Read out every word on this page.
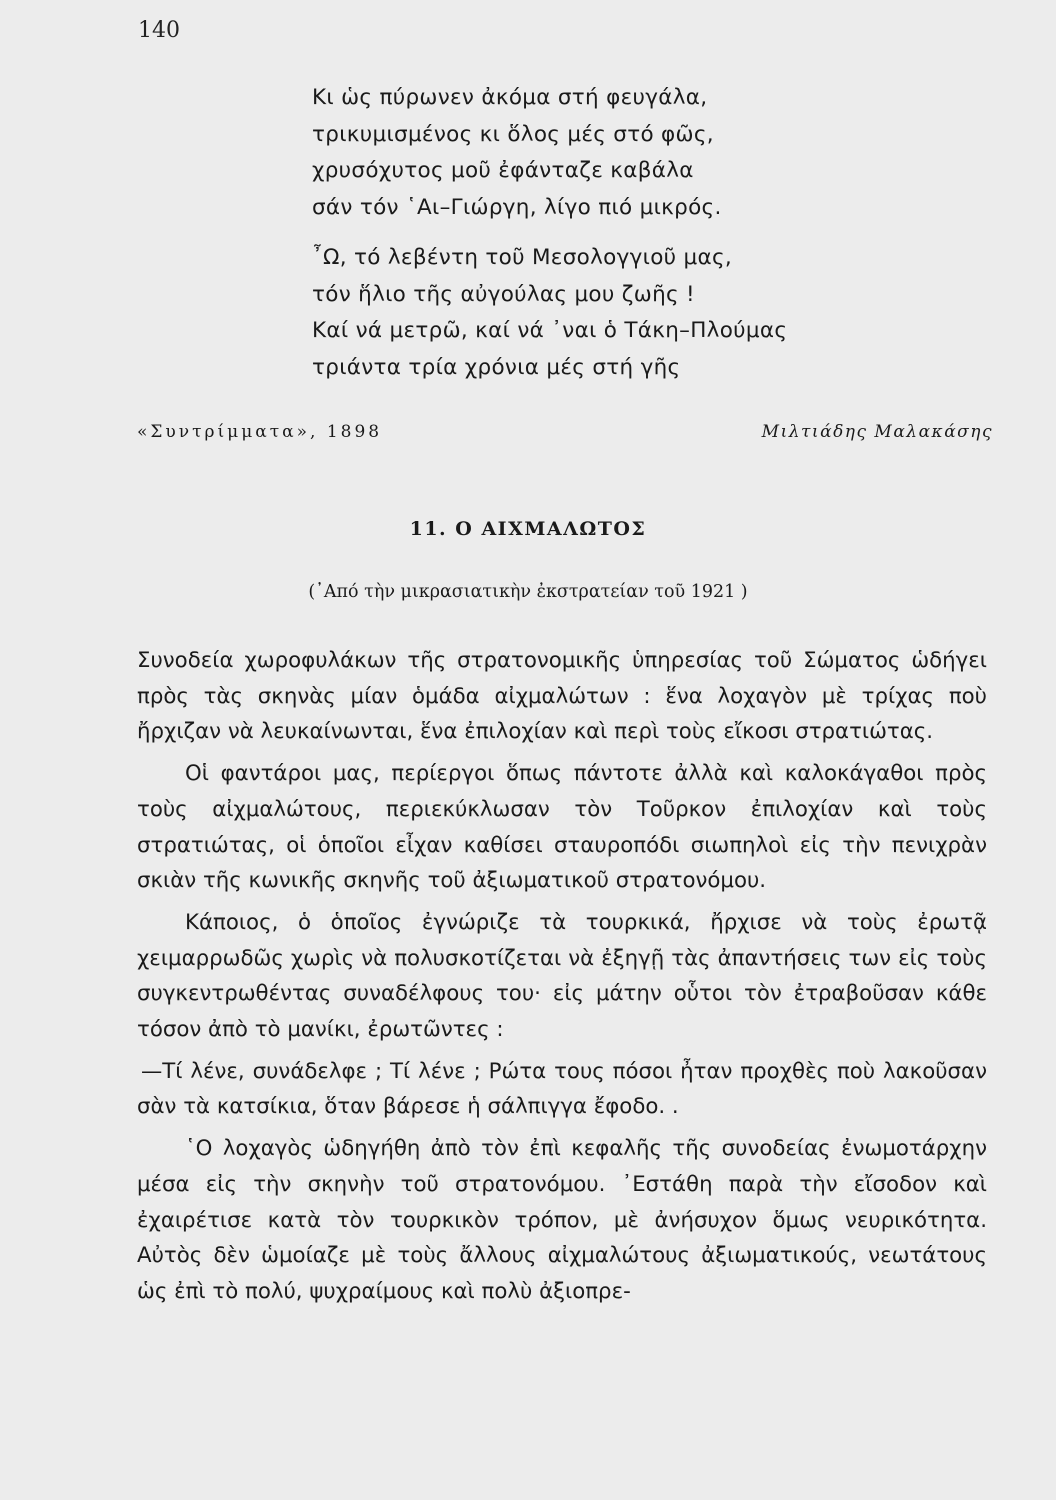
140
Κι ὡς πύρωνεν ἀκόμα στή φευγάλα,
τρικυμισμένος κι ὅλος μές στό φῶς,
χρυσόχυτος μοῦ ἐφάνταζε καβάλα
σάν τόν ῾Αι–Γιώργη, λίγο πιό μικρός.
῏Ω, τό λεβέντη τοῦ Μεσολογγιοῦ μας,
τόν ἥλιο τῆς αὐγούλας μου ζωῆς !
Καί νά μετρῶ, καί νά ᾽ναι ὁ Τάκη–Πλούμας
τριάντα τρία χρόνια μές στή γῆς
«Συντρίμματα», 1898	Μιλτιάδης Μαλακάσης
11. Ο ΑΙΧΜΑΛΩΤΟΣ
(᾽Από τὴν μικρασιατικὴν ἐκστρατείαν τοῦ 1921 )

Συνοδεία χωροφυλάκων τῆς στρατονομικῆς ὑπηρεσίας τοῦ Σώματος ὡδήγει πρὸς τὰς σκηνὰς μίαν ὁμάδα αἰχμαλώτων : ἕνα λοχαγὸν μὲ τρίχας ποὺ ἤρχιζαν νὰ λευκαίνωνται, ἕνα ἐπιλοχίαν καὶ περὶ τοὺς εἴκοσι στρατιώτας.

Οἱ φαντάροι μας, περίεργοι ὅπως πάντοτε ἀλλὰ καὶ καλοκάγαθοι πρὸς τοὺς αἰχμαλώτους, περιεκύκλωσαν τὸν Τοῦρκον ἐπιλοχίαν καὶ τοὺς στρατιώτας, οἱ ὁποῖοι εἶχαν καθίσει σταυροπόδι σιωπηλοὶ εἰς τὴν πενιχρὰν σκιὰν τῆς κωνικῆς σκηνῆς τοῦ ἀξιωματικοῦ στρατονόμου.

Κάποιος, ὁ ὁποῖος ἐγνώριζε τὰ τουρκικά, ἤρχισε νὰ τοὺς ἐρωτᾷ χειμαρρωδῶς χωρὶς νὰ πολυσκοτίζεται νὰ ἐξηγῇ τὰς ἀπαντήσεις των εἰς τοὺς συγκεντρωθέντας συναδέλφους του· εἰς μάτην οὗτοι τὸν ἐτραβοῦσαν κάθε τόσον ἀπὸ τὸ μανίκι, ἐρωτῶντες :

—Τί λένε, συνάδελφε ; Τί λένε ; Ρώτα τους πόσοι ἦταν προχθὲς ποὺ λακοῦσαν σὰν τὰ κατσίκια, ὅταν βάρεσε ἡ σάλπιγγα ἔφοδο. .

῾Ο λοχαγὸς ὡδηγήθη ἀπὸ τὸν ἐπὶ κεφαλῆς τῆς συνοδείας ἐνωμοτάρχην μέσα εἰς τὴν σκηνὴν τοῦ στρατονόμου. ᾽Εστάθη παρὰ τὴν εἴσοδον καὶ ἐχαιρέτισε κατὰ τὸν τουρκικὸν τρόπον, μὲ ἀνήσυχον ὅμως νευρικότητα. Αὐτὸς δὲν ὡμοίαζε μὲ τοὺς ἄλλους αἰχμαλώτους ἀξιωματικούς, νεωτάτους ὡς ἐπὶ τὸ πολύ, ψυχραίμους καὶ πολὺ ἀξιοπρε-
